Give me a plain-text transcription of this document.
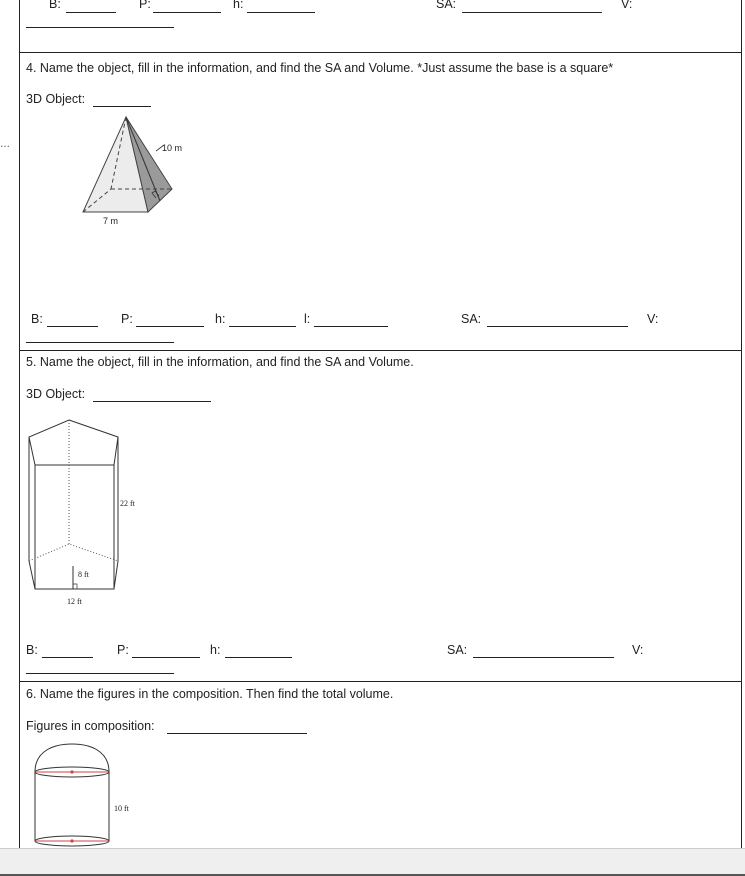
...
B:	P:	h:	SA:	V:
4. Name the object, fill in the information, and find the SA and Volume. *Just assume the base is a square*
3D Object:
10 m
7 m
B:	P:	h:	l:	SA:	V:
5. Name the object, fill in the information, and find the SA and Volume.
3D Object:
22 ft
8 ft
12 ft
B:	P:	h:	SA:	V:
6. Name the figures in the composition. Then find the total volume.
Figures in composition:
10 ft
